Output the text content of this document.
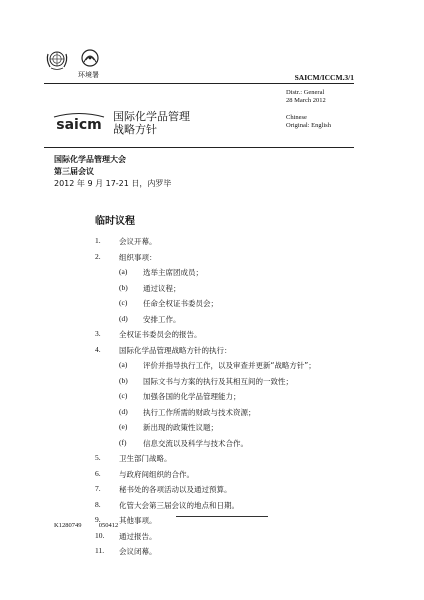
环境署	SAICM/ICCM.3/1
Distr.: General
28 March 2012
Chinese
Original: English
saicm
国际化学品管理
战略方针
国际化学品管理大会
第三届会议
2012 年 9 月 17-21 日，内罗毕
临时议程
1. 会议开幕。
2. 组织事项：
(a) 选举主席团成员；
(b) 通过议程；
(c) 任命全权证书委员会；
(d) 安排工作。
3. 全权证书委员会的报告。
4. 国际化学品管理战略方针的执行：
(a) 评价并指导执行工作，以及审查并更新“战略方针”；
(b) 国际文书与方案的执行及其相互间的一致性；
(c) 加强各国的化学品管理能力；
(d) 执行工作所需的财政与技术资源；
(e) 新出现的政策性议题；
(f) 信息交流以及科学与技术合作。
5. 卫生部门战略。
6. 与政府间组织的合作。
7. 秘书处的各项活动以及通过预算。
8. 化管大会第三届会议的地点和日期。
9. 其他事项。
10. 通过报告。
11. 会议闭幕。
K1280749	050412
